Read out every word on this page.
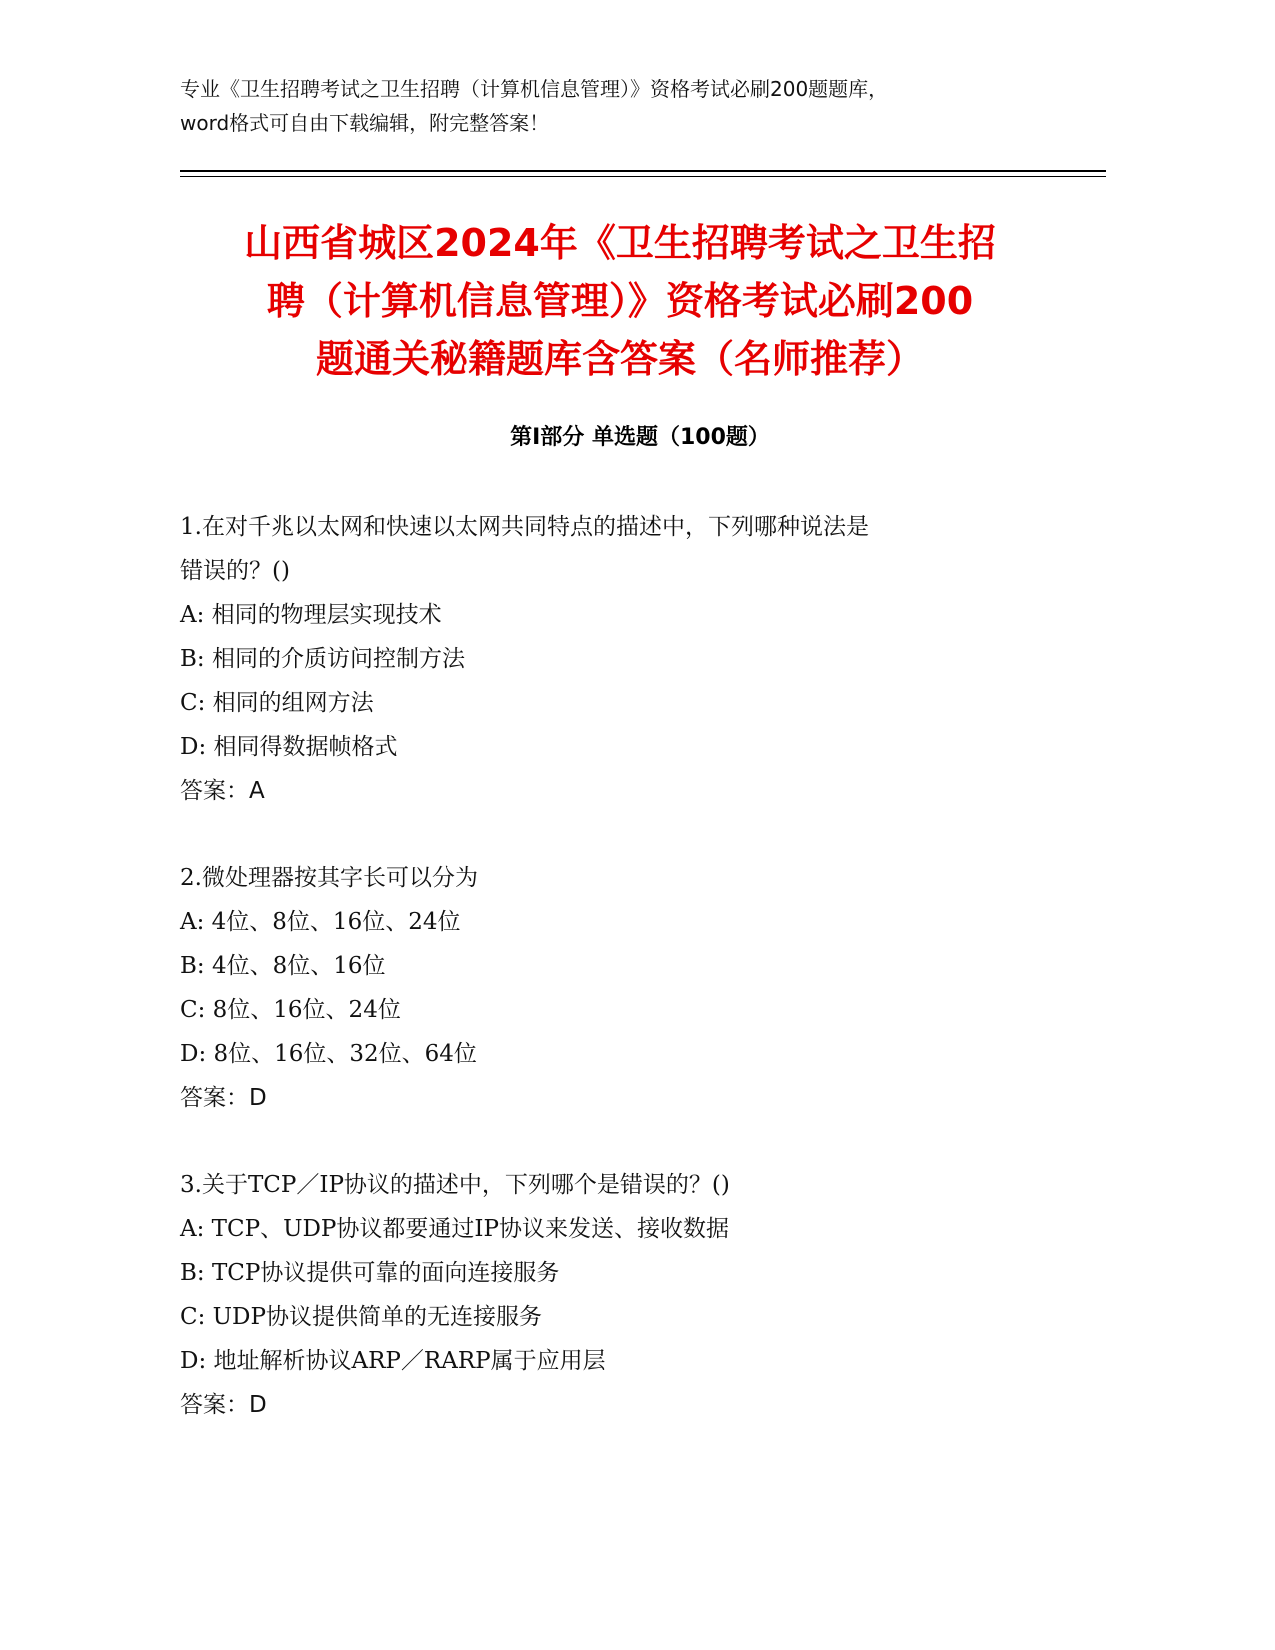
专业《卫生招聘考试之卫生招聘（计算机信息管理）》资格考试必刷200题题库，
word格式可自由下载编辑，附完整答案！
山西省城区2024年《卫生招聘考试之卫生招
聘（计算机信息管理）》资格考试必刷200
题通关秘籍题库含答案（名师推荐）
第I部分 单选题（100题）
1.在对千兆以太网和快速以太网共同特点的描述中，下列哪种说法是
错误的？()
A: 相同的物理层实现技术
B: 相同的介质访问控制方法
C: 相同的组网方法
D: 相同得数据帧格式
答案：A
2.微处理器按其字长可以分为
A: 4位、8位、16位、24位
B: 4位、8位、16位
C: 8位、16位、24位
D: 8位、16位、32位、64位
答案：D
3.关于TCP／IP协议的描述中，下列哪个是错误的？()
A: TCP、UDP协议都要通过IP协议来发送、接收数据
B: TCP协议提供可靠的面向连接服务
C: UDP协议提供简单的无连接服务
D: 地址解析协议ARP／RARP属于应用层
答案：D
